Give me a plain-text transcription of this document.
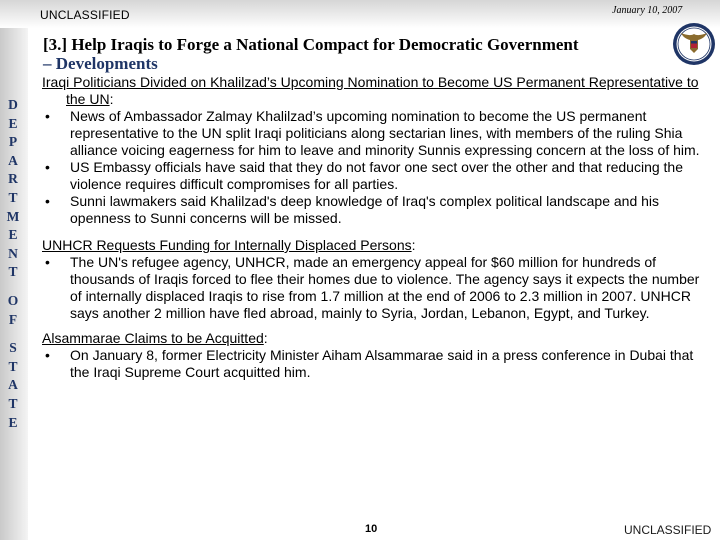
UNCLASSIFIED	January 10, 2007
[3.] Help Iraqis to Forge a National Compact for Democratic Government
– Developments
D
E
P
A
R
T
M
E
N
T
O
F
S
T
A
T
E

Iraqi Politicians Divided on Khalilzad’s Upcoming Nomination to Become US Permanent Representative to the UN:

• News of Ambassador Zalmay Khalilzad’s upcoming nomination to become the US permanent representative to the UN split Iraqi politicians along sectarian lines, with members of the ruling Shia alliance voicing eagerness for him to leave and minority Sunnis expressing concern at the loss of him.
• US Embassy officials have said that they do not favor one sect over the other and that reducing the violence requires difficult compromises for all parties.
• Sunni lawmakers said Khalilzad's deep knowledge of Iraq's complex political landscape and his openness to Sunni concerns will be missed.

UNHCR Requests Funding for Internally Displaced Persons:

• The UN's refugee agency, UNHCR, made an emergency appeal for $60 million for hundreds of thousands of Iraqis forced to flee their homes due to violence. The agency says it expects the number of internally displaced Iraqis to rise from 1.7 million at the end of 2006 to 2.3 million in 2007. UNHCR says another 2 million have fled abroad, mainly to Syria, Jordan, Lebanon, Egypt, and Turkey.

Alsammarae Claims to be Acquitted:

• On January 8, former Electricity Minister Aiham Alsammarae said in a press conference in Dubai that the Iraqi Supreme Court acquitted him.
10	UNCLASSIFIED
